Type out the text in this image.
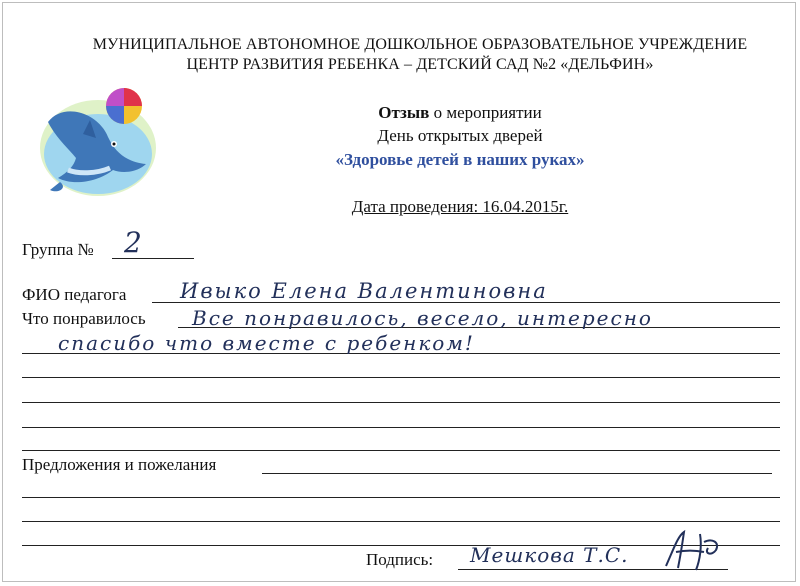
МУНИЦИПАЛЬНОЕ АВТОНОМНОЕ ДОШКОЛЬНОЕ ОБРАЗОВАТЕЛЬНОЕ УЧРЕЖДЕНИЕ
ЦЕНТР РАЗВИТИЯ РЕБЕНКА – ДЕТСКИЙ САД №2 «ДЕЛЬФИН»
Отзыв о мероприятии
День открытых дверей
«Здоровье детей в наших руках»
Дата проведения: 16.04.2015г.
Группа № 2
ФИО педагога	Ивыко Елена Валентиновна
Что понравилось Все понравилось, весело, интересно
спасибо что вместе с ребенком!
Предложения и пожелания
Подпись: Мешкова Т.С.
